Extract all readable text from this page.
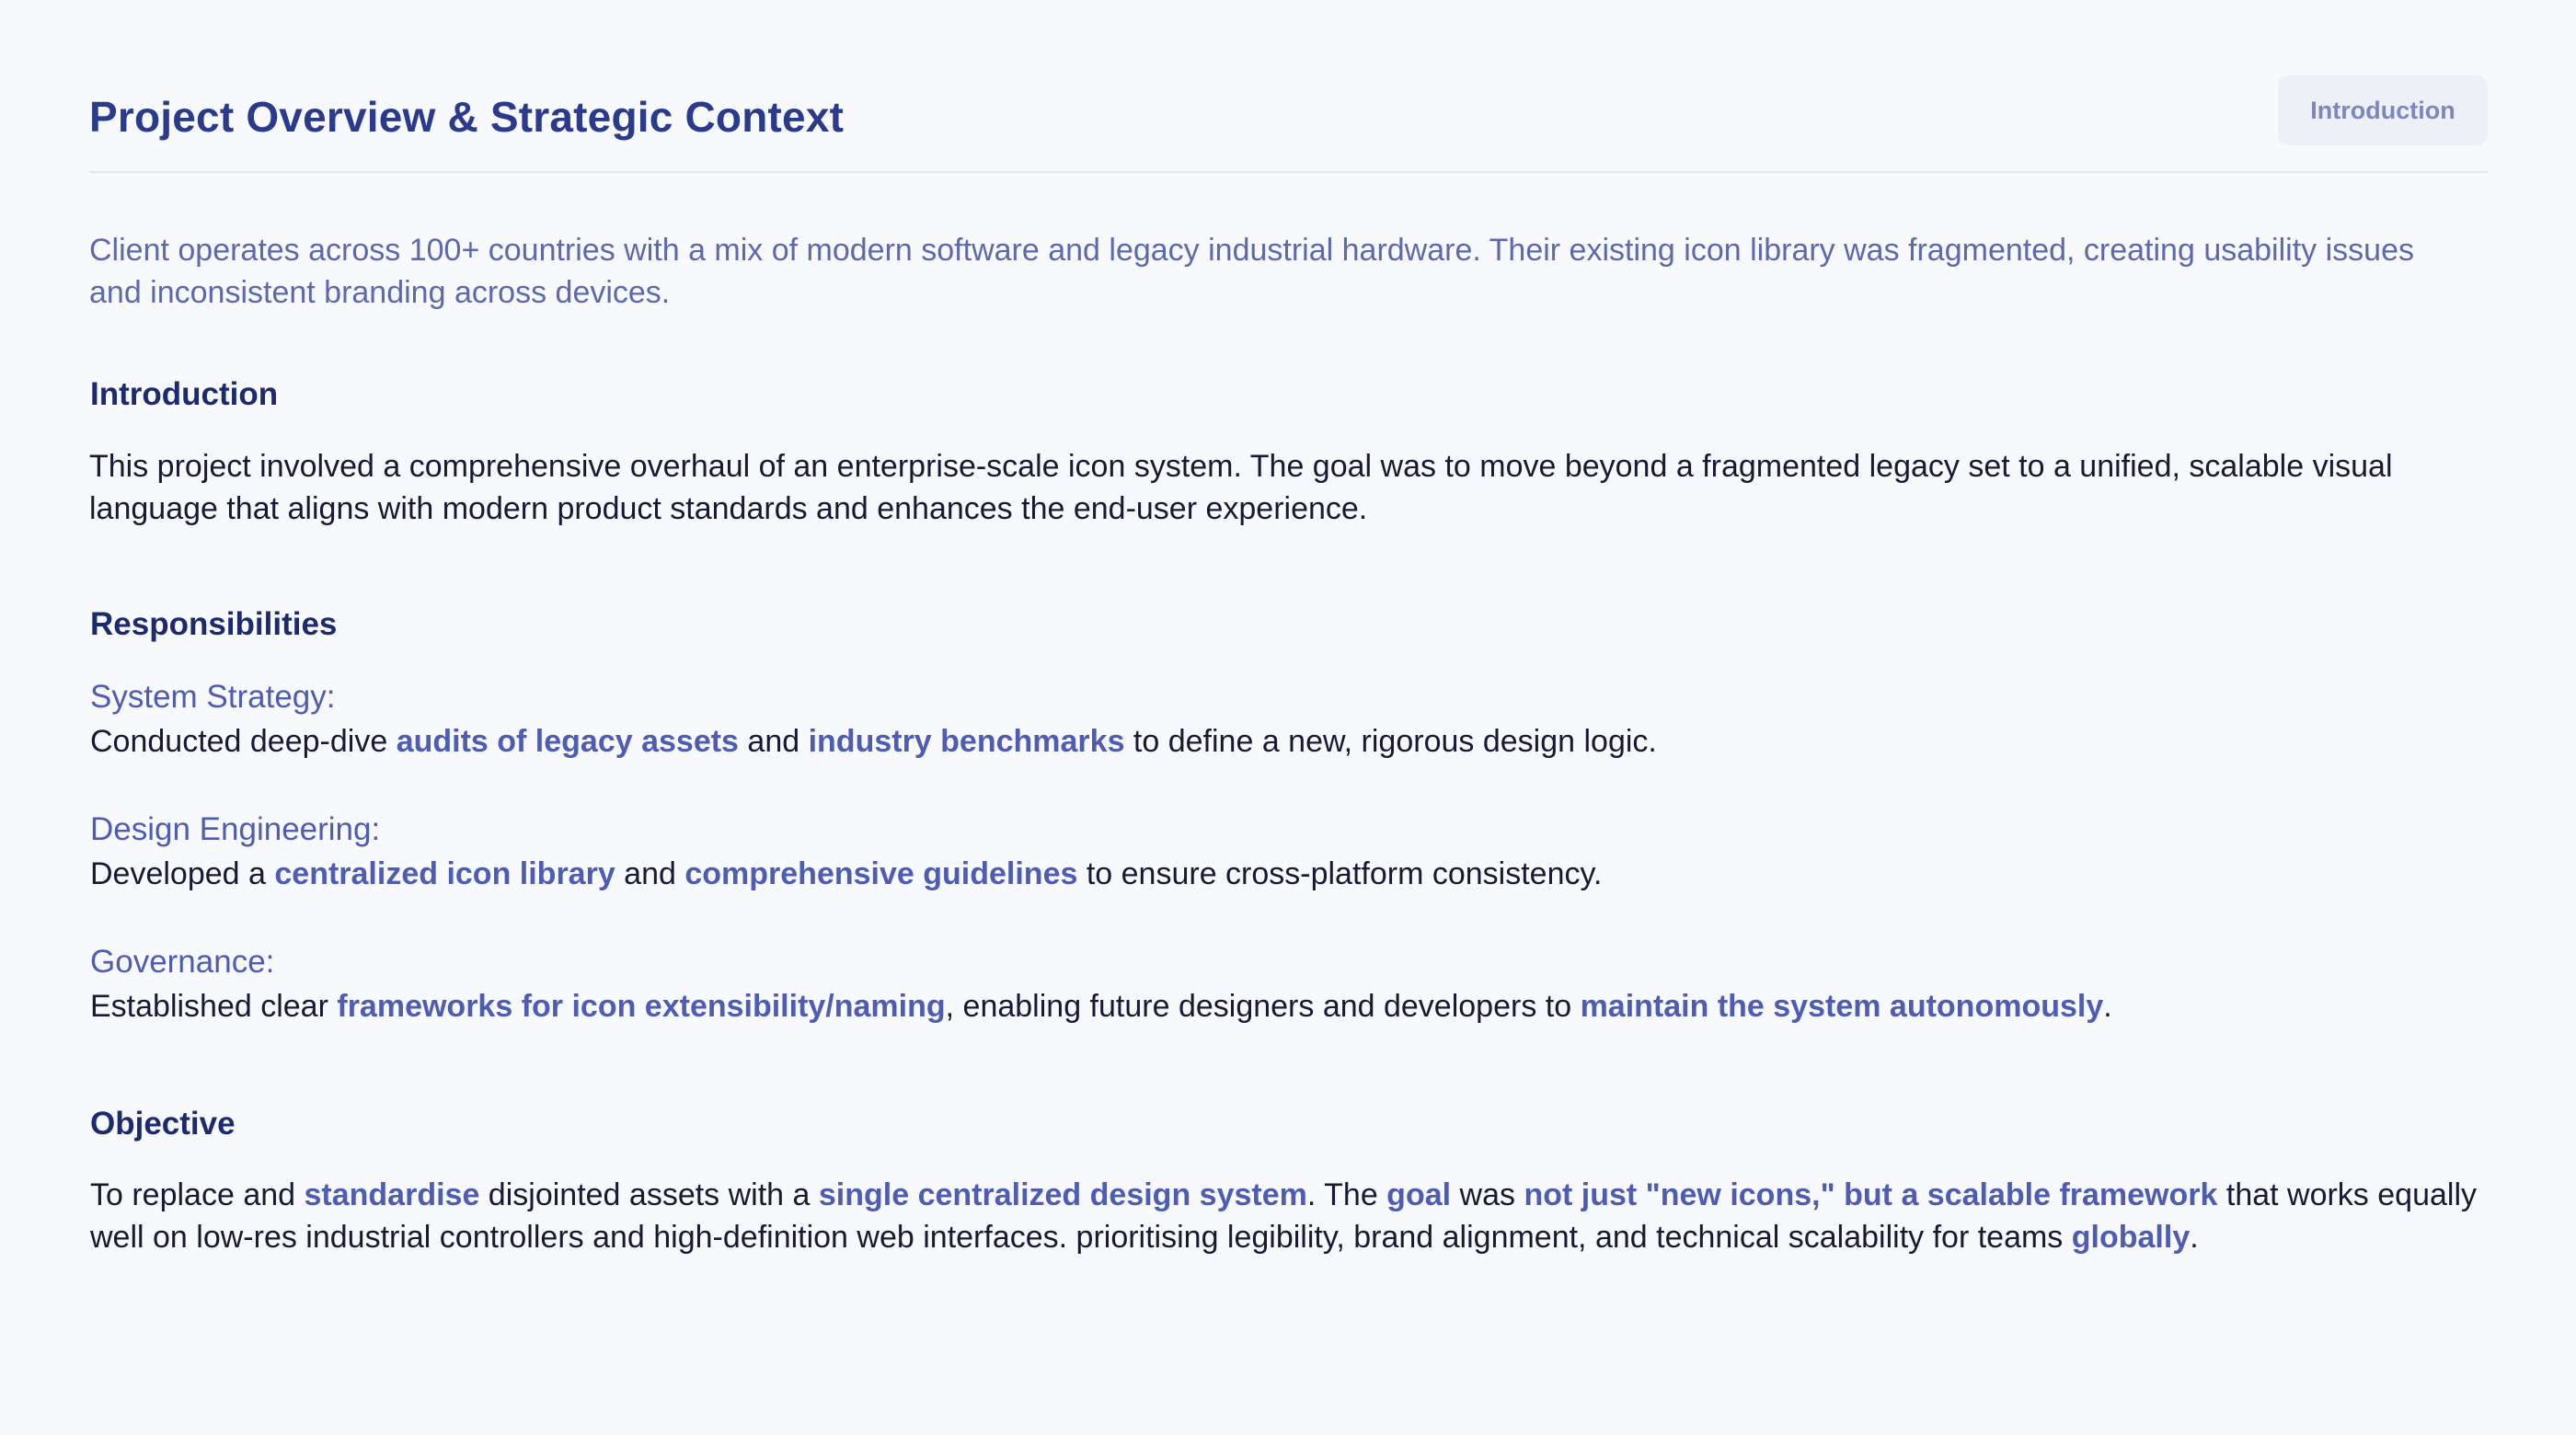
Project Overview & Strategic Context	Introduction

Client operates across 100+ countries with a mix of modern software and legacy industrial hardware. Their existing icon library was fragmented, creating usability issues and inconsistent branding across devices.

Introduction

This project involved a comprehensive overhaul of an enterprise-scale icon system. The goal was to move beyond a fragmented legacy set to a unified, scalable visual language that aligns with modern product standards and enhances the end-user experience.

Responsibilities

System Strategy:

Conducted deep-dive audits of legacy assets and industry benchmarks to define a new, rigorous design logic.

Design Engineering:

Developed a centralized icon library and comprehensive guidelines to ensure cross-platform consistency.

Governance:

Established clear frameworks for icon extensibility/naming, enabling future designers and developers to maintain the system autonomously.

Objective

To replace and standardise disjointed assets with a single centralized design system. The goal was not just "new icons," but a scalable framework that works equally well on low-res industrial controllers and high-definition web interfaces. prioritising legibility, brand alignment, and technical scalability for teams globally.
